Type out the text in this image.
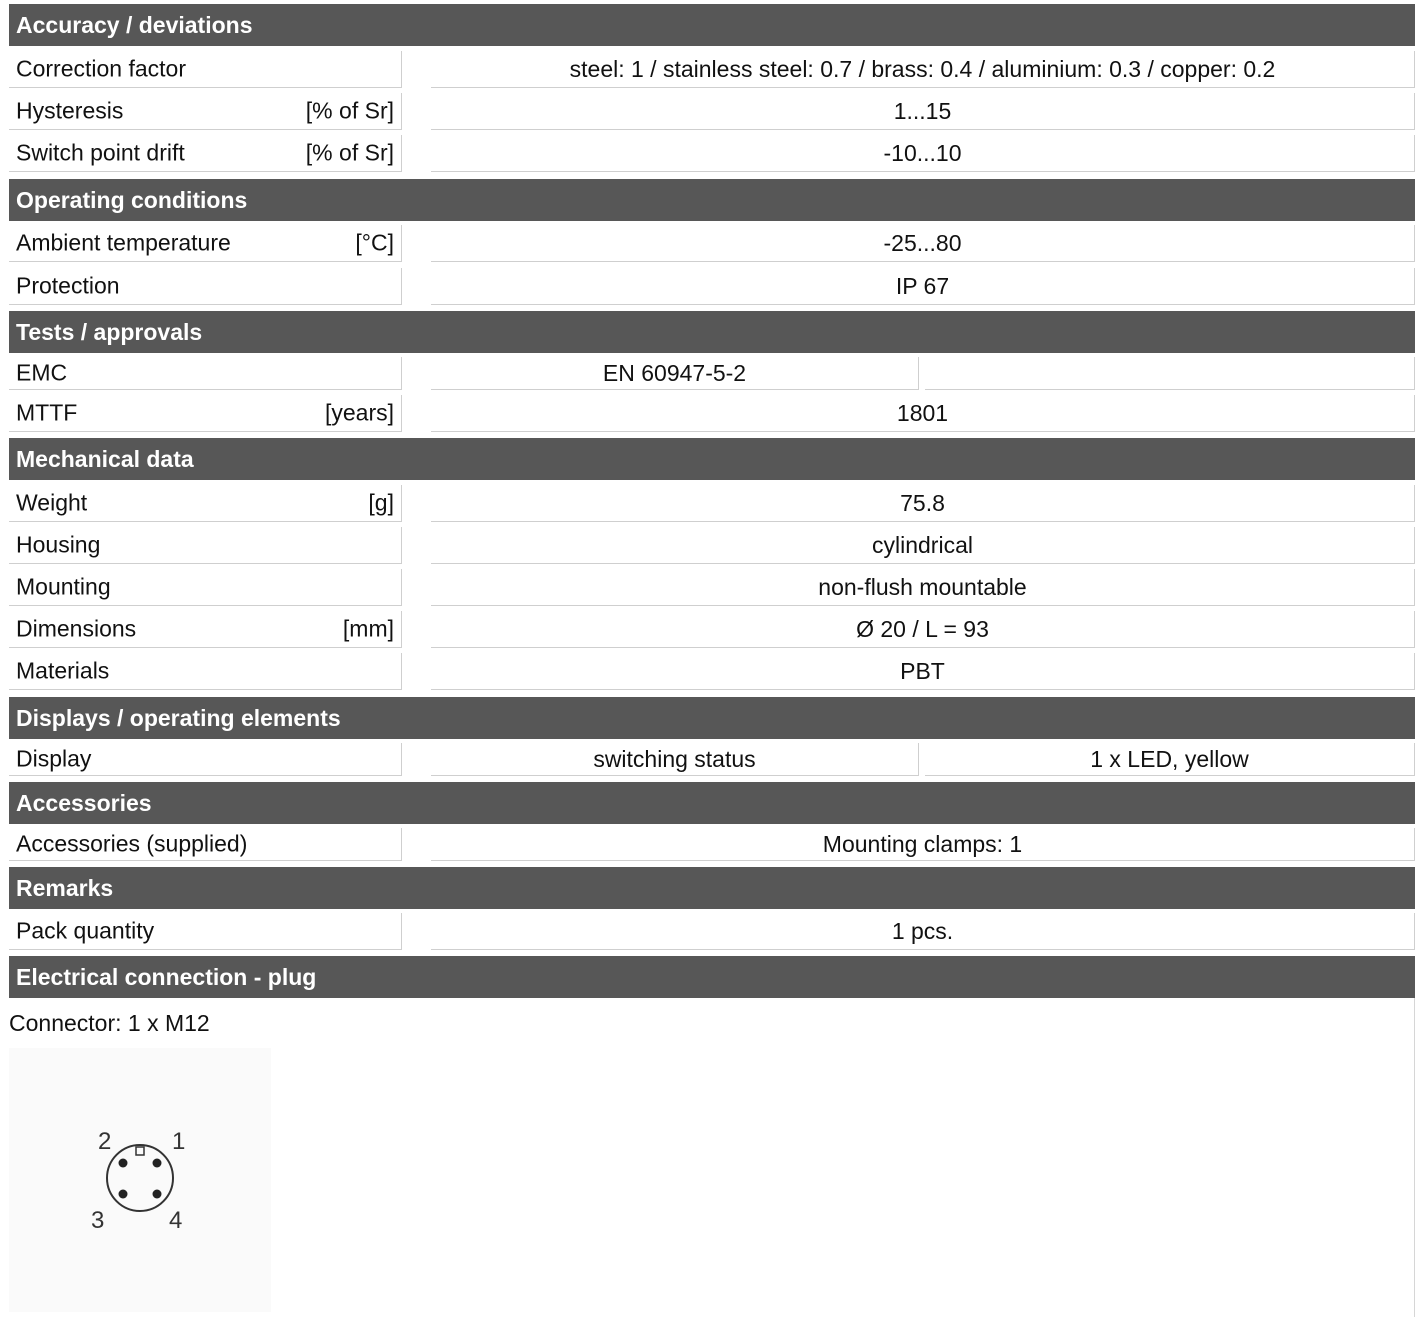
Accuracy / deviations
Correction factor	steel: 1 / stainless steel: 0.7 / brass: 0.4 / aluminium: 0.3 / copper: 0.2
Hysteresis	[% of Sr]	1...15
Switch point drift	[% of Sr]	-10...10
Operating conditions
Ambient temperature	[°C]	-25...80
Protection	IP 67
Tests / approvals
EMC	EN 60947-5-2
MTTF	[years]	1801
Mechanical data
Weight	[g]	75.8
Housing	cylindrical
Mounting	non-flush mountable
Dimensions	[mm]	Ø 20 / L = 93
Materials	PBT
Displays / operating elements
Display	switching status	1 x LED, yellow
Accessories
Accessories (supplied)	Mounting clamps: 1
Remarks
Pack quantity	1 pcs.
Electrical connection - plug
Connector: 1 x M12
2	1
3	4
